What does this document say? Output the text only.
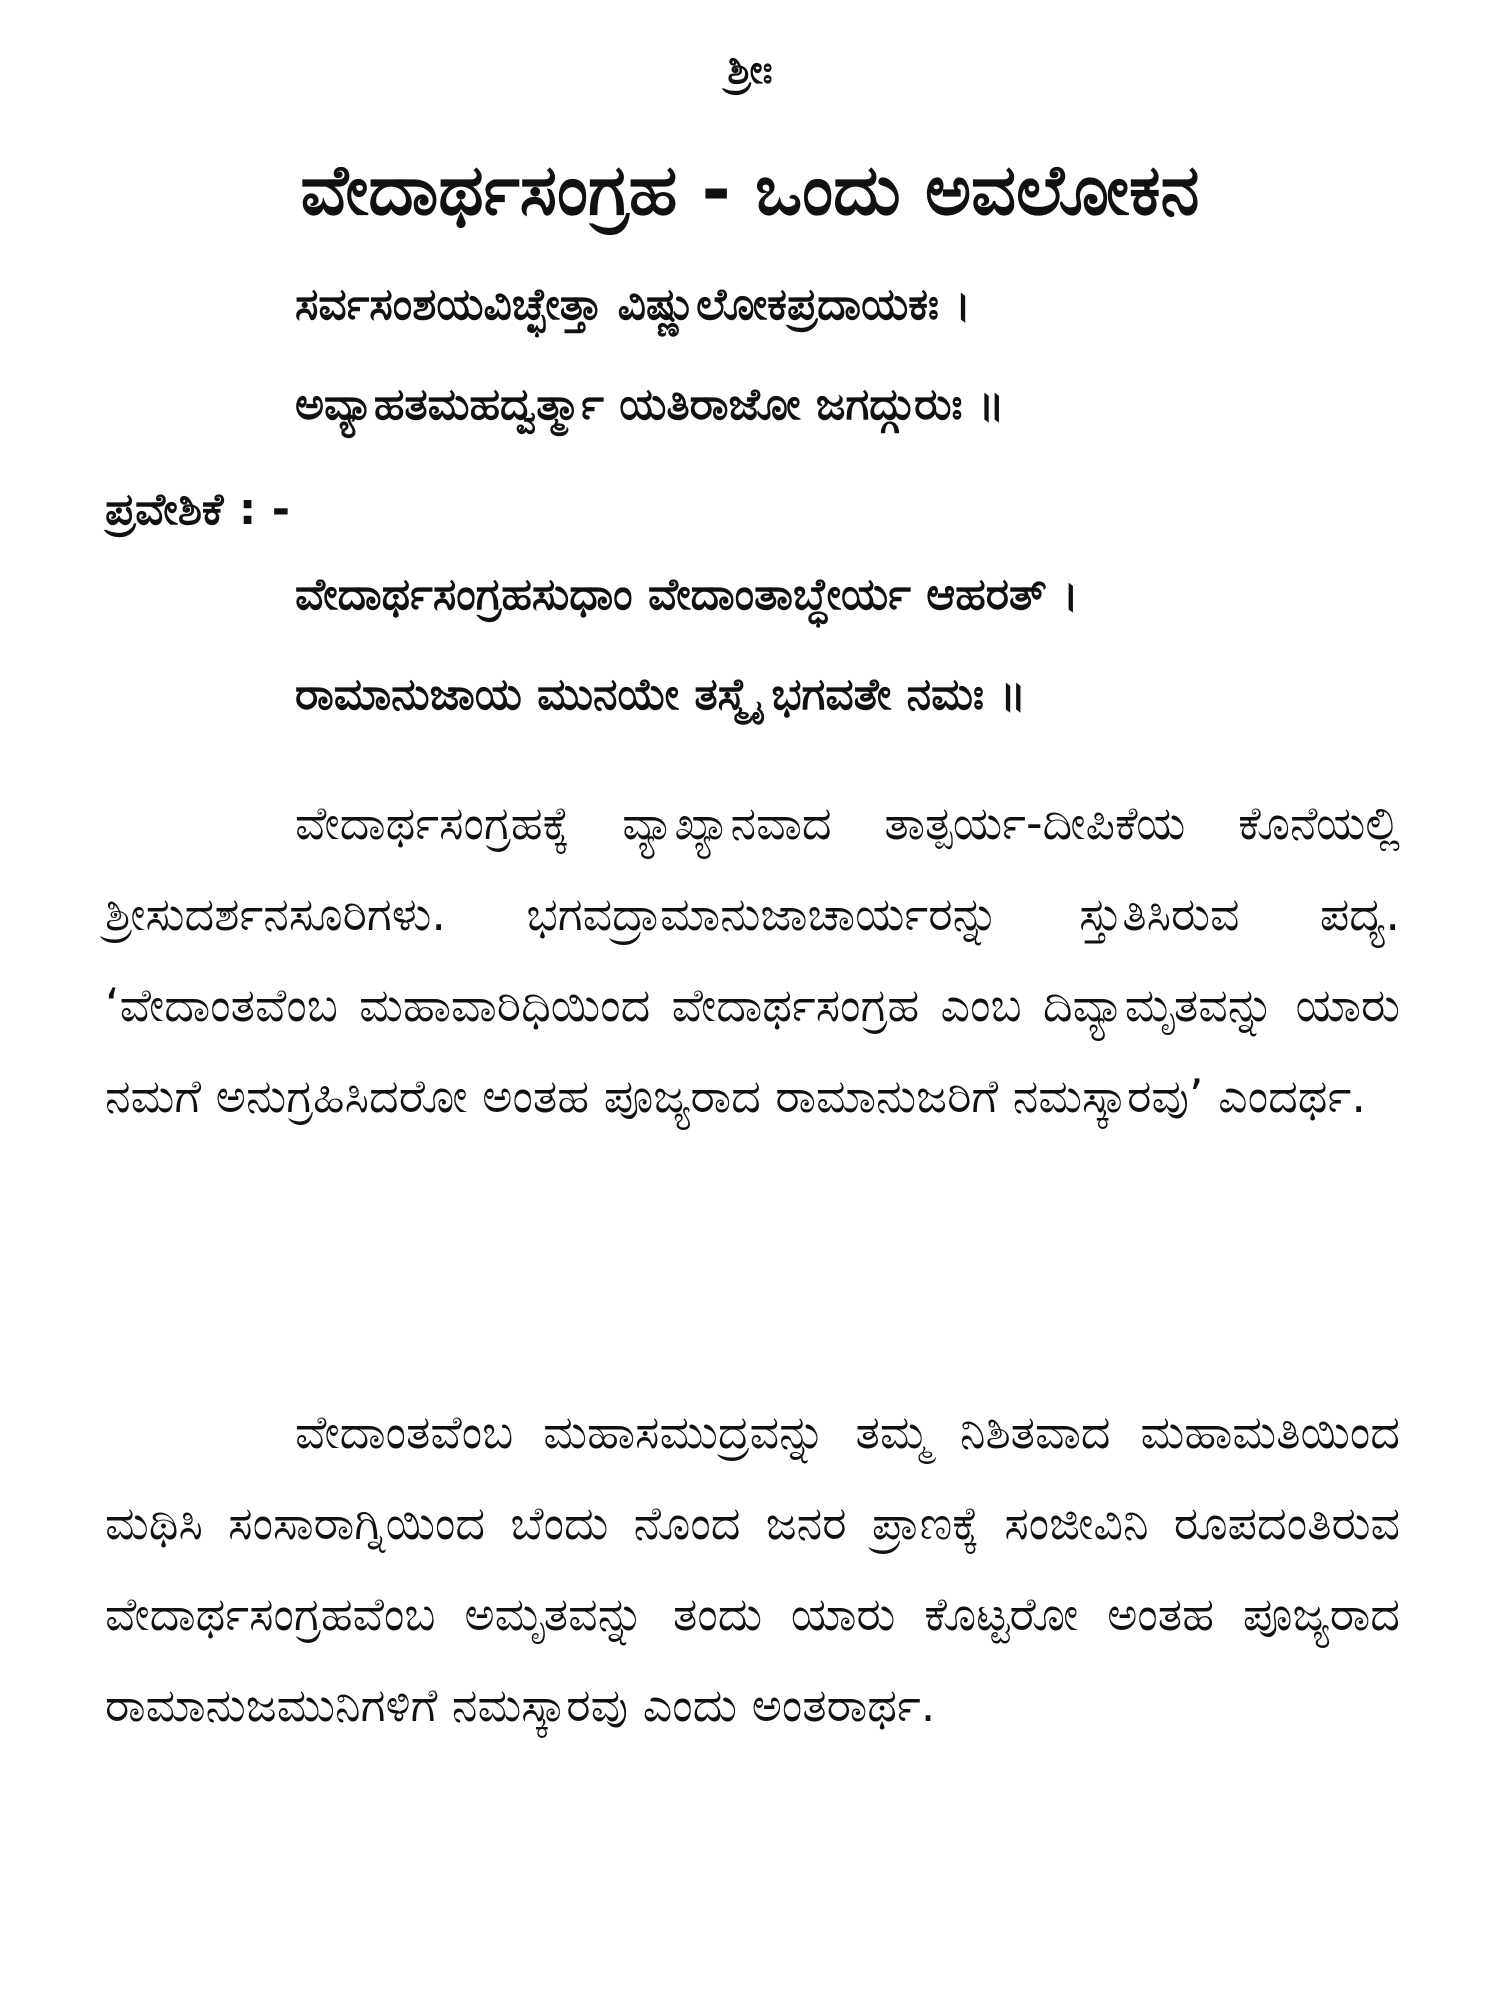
ಶ್ರೀಃ
ವೇದಾರ್ಥಸಂಗ್ರಹ - ಒಂದು ಅವಲೋಕನ
ಸರ್ವಸಂಶಯವಿಚ್ಛೇತ್ತಾ ವಿಷ್ಣುಲೋಕಪ್ರದಾಯಕಃ ।
ಅವ್ಯಾಹತಮಹದ್ವರ್ತ್ಮಾ ಯತಿರಾಜೋ ಜಗದ್ಗುರುಃ ॥
ಪ್ರವೇಶಿಕೆ : -
ವೇದಾರ್ಥಸಂಗ್ರಹಸುಧಾಂ ವೇದಾಂತಾಬ್ಧೇರ್ಯ ಆಹರತ್ ।
ರಾಮಾನುಜಾಯ ಮುನಯೇ ತಸ್ಮೈ ಭಗವತೇ ನಮಃ ॥
ವೇದಾರ್ಥಸಂಗ್ರಹಕ್ಕೆ ವ್ಯಾಖ್ಯಾನವಾದ ತಾತ್ಪರ್ಯ-ದೀಪಿಕೆಯ ಕೊನೆಯಲ್ಲಿ ಶ್ರೀಸುದರ್ಶನಸೂರಿಗಳು. ಭಗವದ್ರಾಮಾನುಜಾಚಾರ್ಯರನ್ನು ಸ್ತುತಿಸಿರುವ ಪದ್ಯ. ‘ವೇದಾಂತವೆಂಬ ಮಹಾವಾರಿಧಿಯಿಂದ ವೇದಾರ್ಥಸಂಗ್ರಹ ಎಂಬ ದಿವ್ಯಾಮೃತವನ್ನು ಯಾರು ನಮಗೆ ಅನುಗ್ರಹಿಸಿದರೋ ಅಂತಹ ಪೂಜ್ಯರಾದ ರಾಮಾನುಜರಿಗೆ ನಮಸ್ಕಾರವು’ ಎಂದರ್ಥ.
ವೇದಾಂತವೆಂಬ ಮಹಾಸಮುದ್ರವನ್ನು ತಮ್ಮ ನಿಶಿತವಾದ ಮಹಾಮತಿಯಿಂದ ಮಥಿಸಿ ಸಂಸಾರಾಗ್ನಿಯಿಂದ ಬೆಂದು ನೊಂದ ಜನರ ಪ್ರಾಣಕ್ಕೆ ಸಂಜೀವಿನಿ ರೂಪದಂತಿರುವ ವೇದಾರ್ಥಸಂಗ್ರಹವೆಂಬ ಅಮೃತವನ್ನು ತಂದು ಯಾರು ಕೊಟ್ಟರೋ ಅಂತಹ ಪೂಜ್ಯರಾದ ರಾಮಾನುಜಮುನಿಗಳಿಗೆ ನಮಸ್ಕಾರವು ಎಂದು ಅಂತರಾರ್ಥ.
